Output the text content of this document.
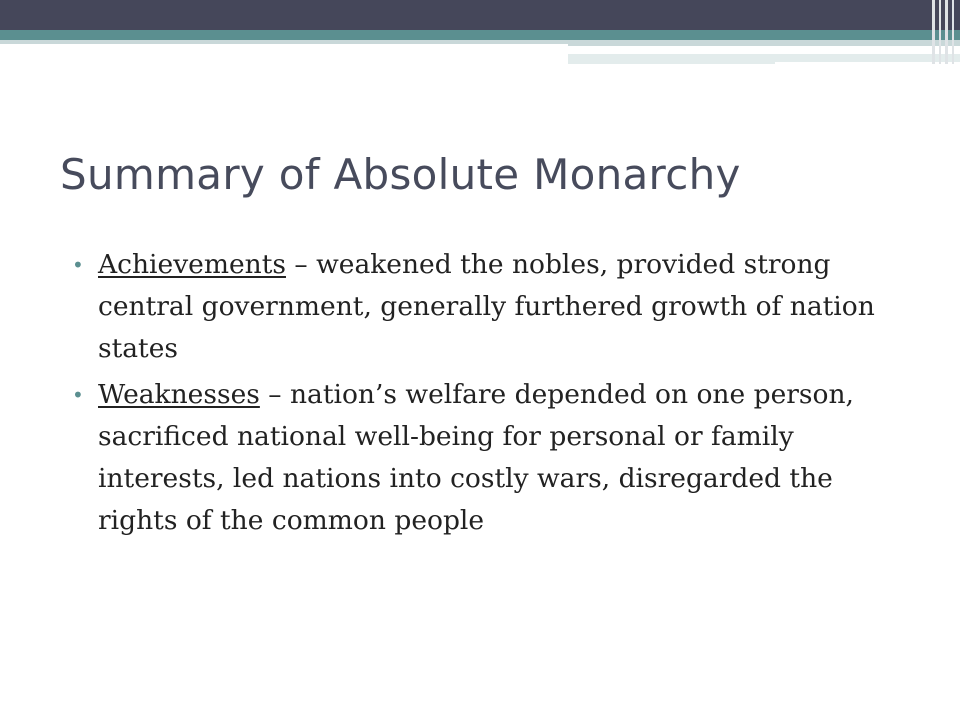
Summary of Absolute Monarchy
• Achievements – weakened the nobles, provided strong central government, generally furthered growth of nation states
• Weaknesses – nation’s welfare depended on one person, sacrificed national well-being for personal or family interests, led nations into costly wars, disregarded the rights of the common people
